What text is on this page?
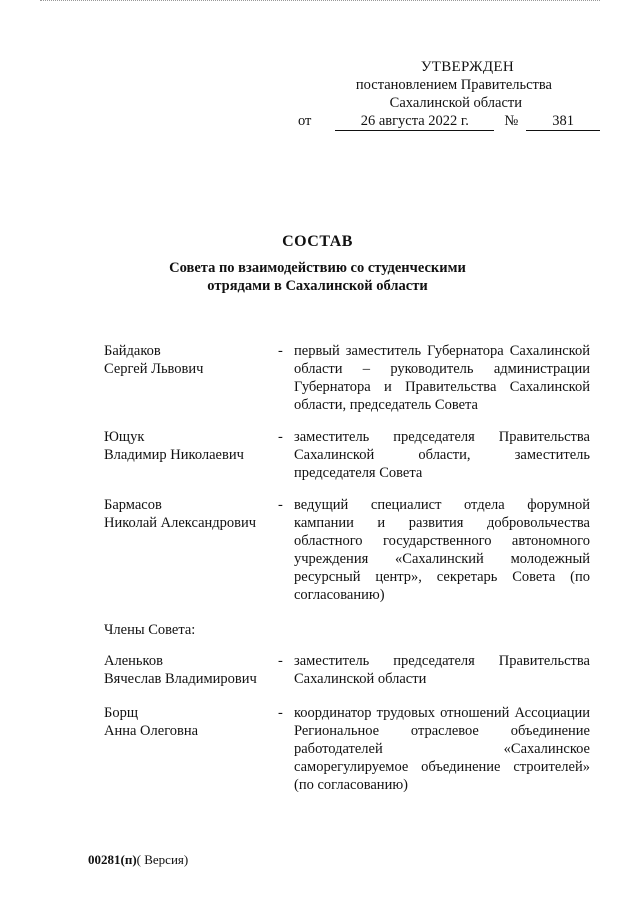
УТВЕРЖДЕН
постановлением Правительства
Сахалинской области
от	26 августа 2022 г.	№	381
СОСТАВ
Совета по взаимодействию со студенческими
отрядами в Сахалинской области
Байдаков
Сергей Львович
- первый заместитель Губернатора Сахалинской области – руководитель администрации Губернатора и Правительства Сахалинской области, председатель Совета

Ющук
Владимир Николаевич
- заместитель председателя Правительства Сахалинской области, заместитель председателя Совета

Бармасов
Николай Александрович
- ведущий специалист отдела форумной кампании и развития добровольчества областного государственного автономного учреждения «Сахалинский молодежный ресурсный центр», секретарь Совета (по согласованию)

Члены Совета:
Аленьков
Вячеслав Владимирович
- заместитель председателя Правительства Сахалинской области

Борщ
Анна Олеговна
- координатор трудовых отношений Ассоциации Региональное отраслевое объединение работодателей «Сахалинское саморегулируемое объединение строителей» (по согласованию)

00281(п)( Версия)
